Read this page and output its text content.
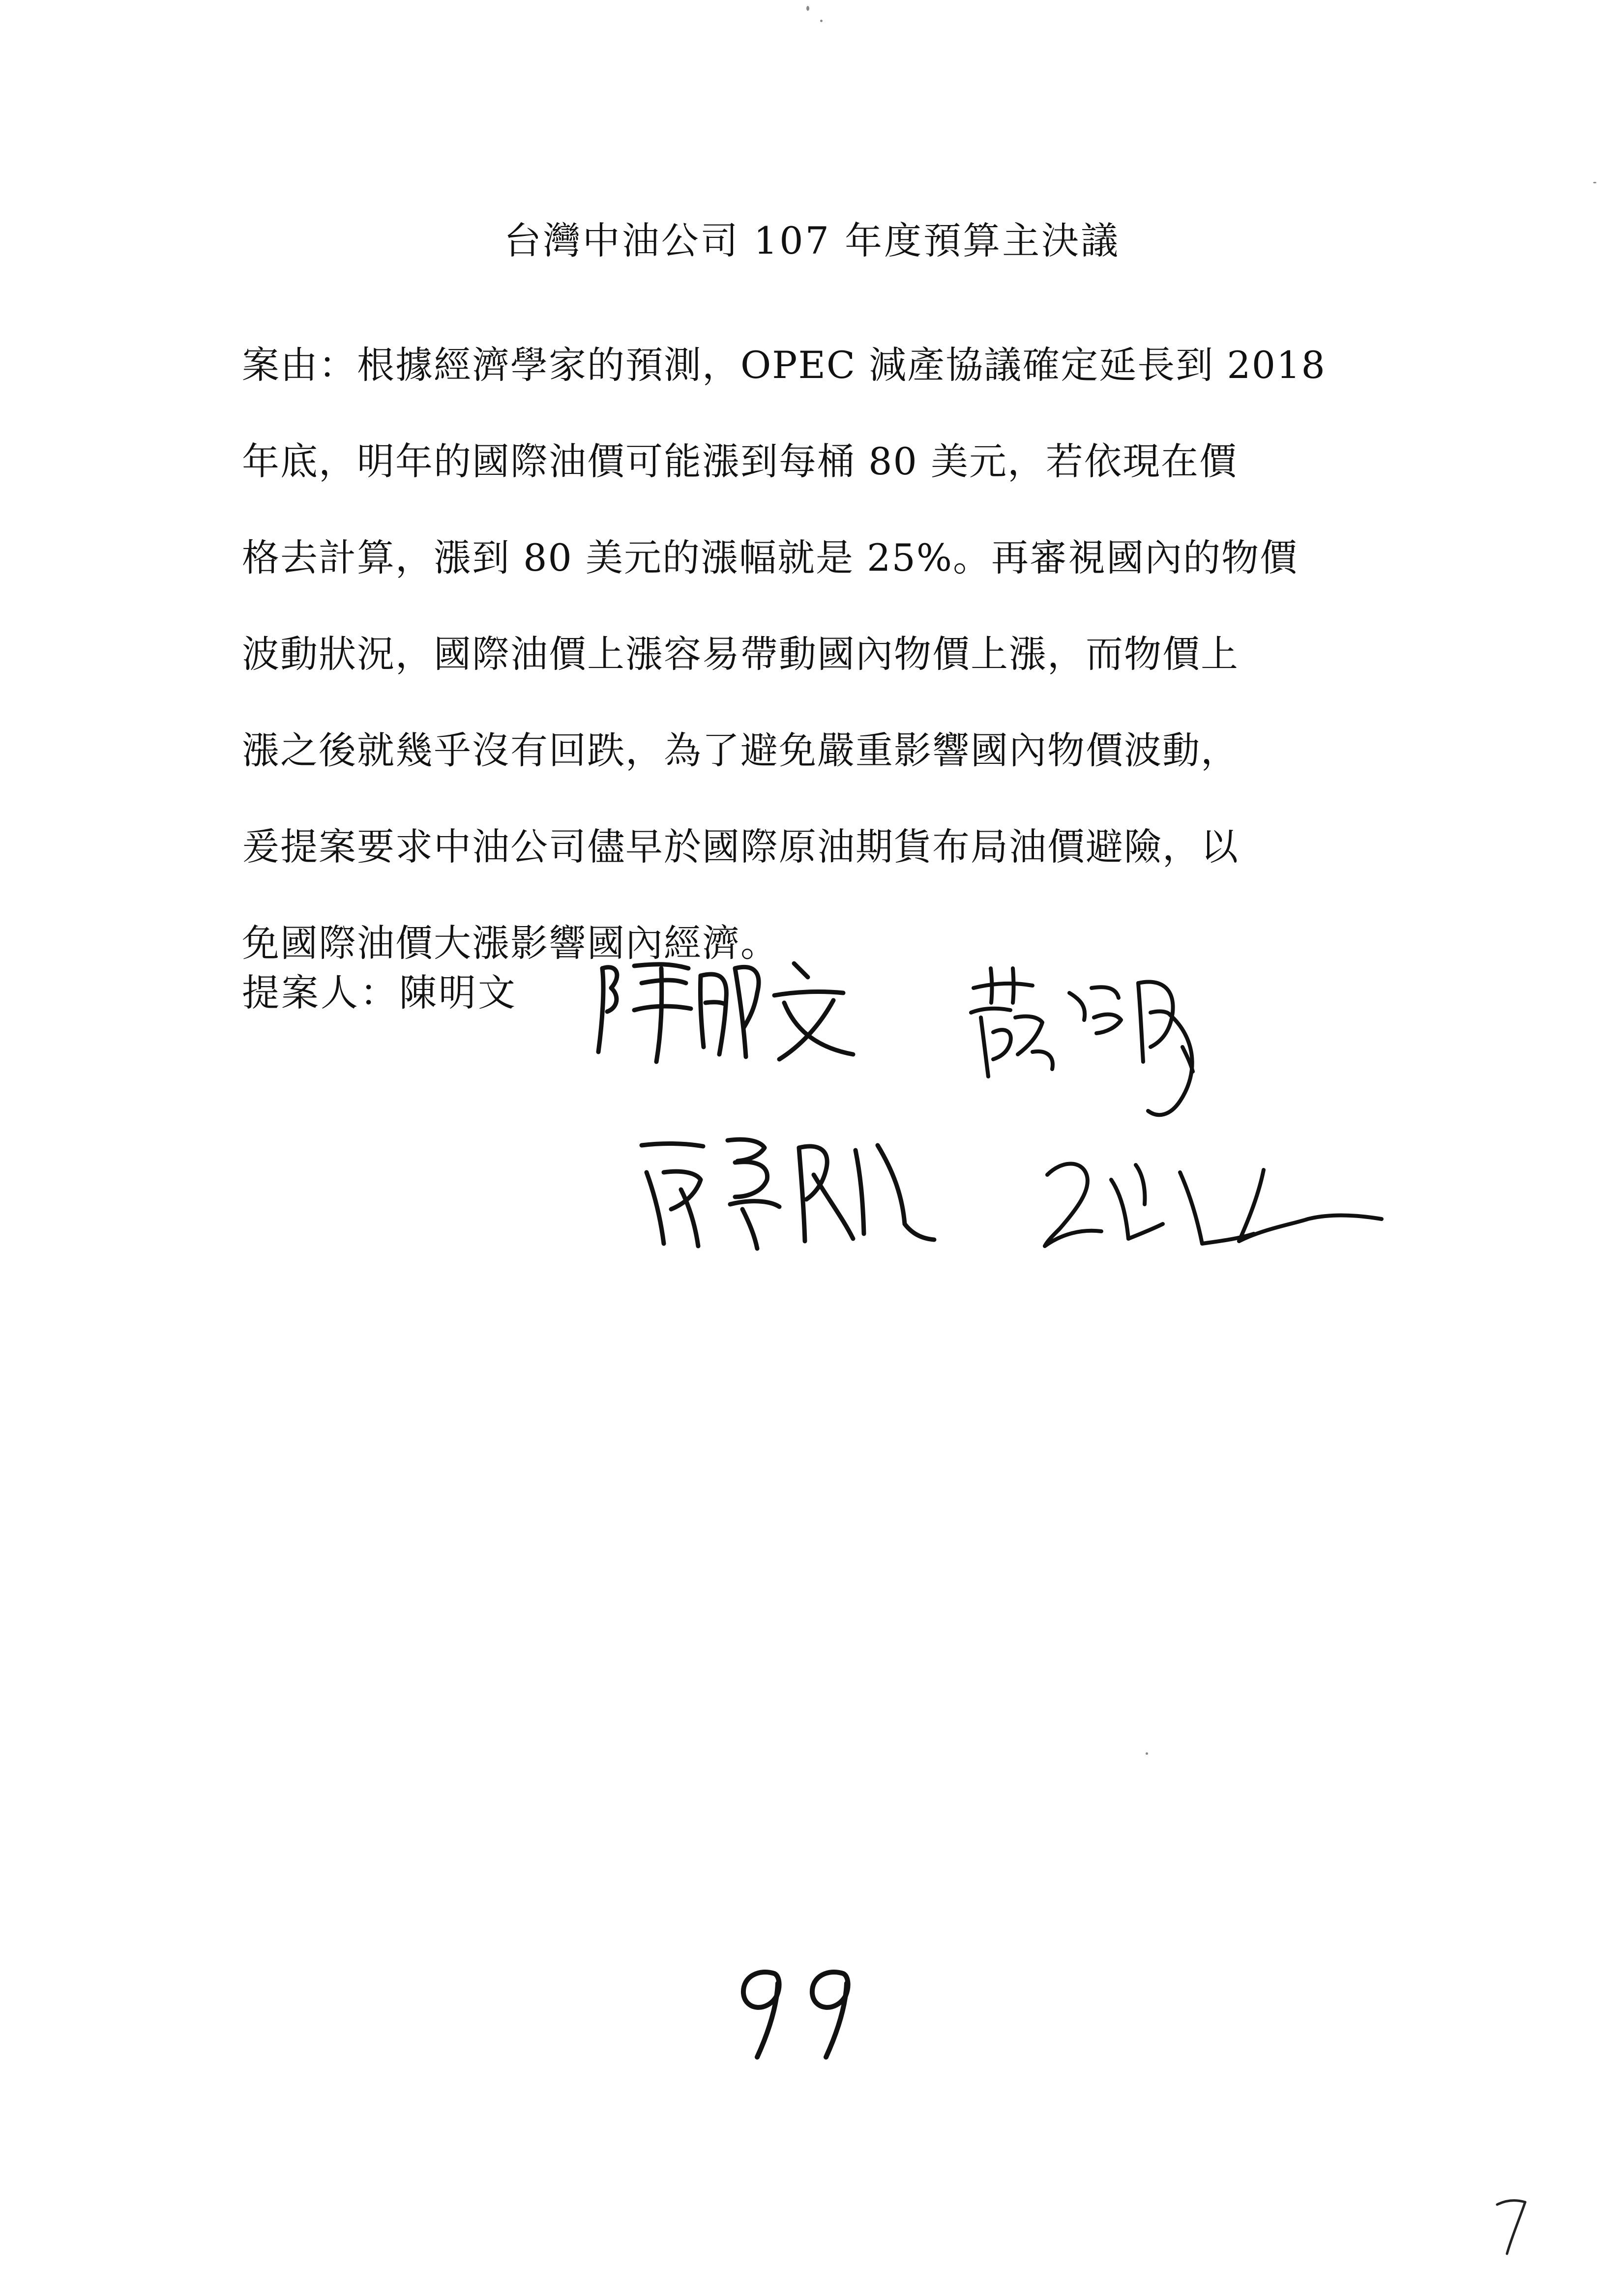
台灣中油公司 107 年度預算主決議
案由：根據經濟學家的預測，OPEC 減產協議確定延長到 2018
年底，明年的國際油價可能漲到每桶 80 美元，若依現在價
格去計算，漲到 80 美元的漲幅就是 25%。再審視國內的物價
波動狀況，國際油價上漲容易帶動國內物價上漲，而物價上
漲之後就幾乎沒有回跌，為了避免嚴重影響國內物價波動，
爰提案要求中油公司儘早於國際原油期貨布局油價避險，以
免國際油價大漲影響國內經濟。
提案人：陳明文
